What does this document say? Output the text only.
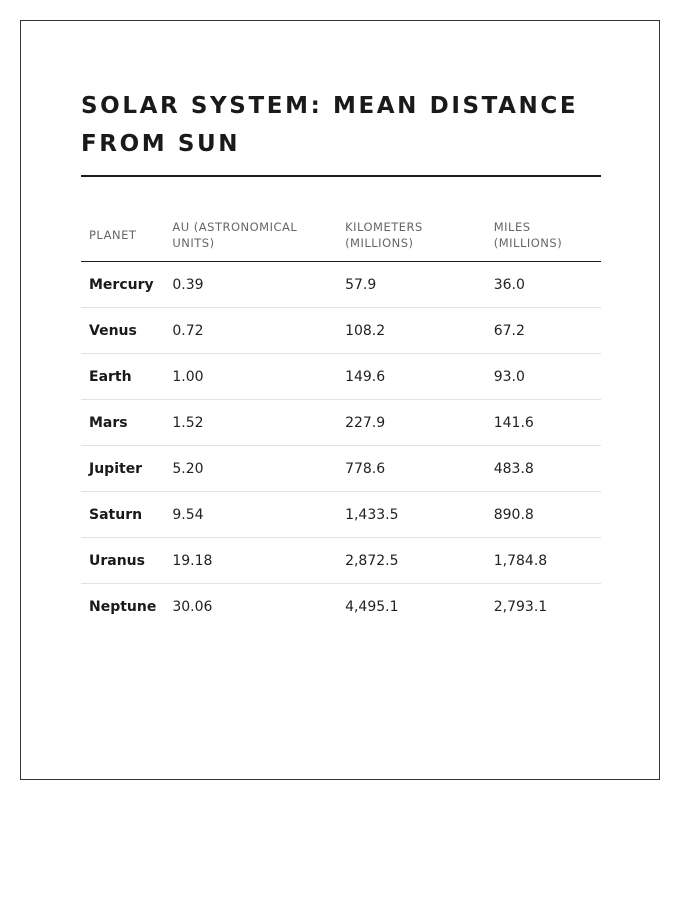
SOLAR SYSTEM: MEAN DISTANCE FROM SUN
PLANET	AU (ASTRONOMICAL UNITS)	KILOMETERS (MILLIONS)	MILES (MILLIONS)
Mercury	0.39	57.9	36.0
Venus	0.72	108.2	67.2
Earth	1.00	149.6	93.0
Mars	1.52	227.9	141.6
Jupiter	5.20	778.6	483.8
Saturn	9.54	1,433.5	890.8
Uranus	19.18	2,872.5	1,784.8
Neptune	30.06	4,495.1	2,793.1
